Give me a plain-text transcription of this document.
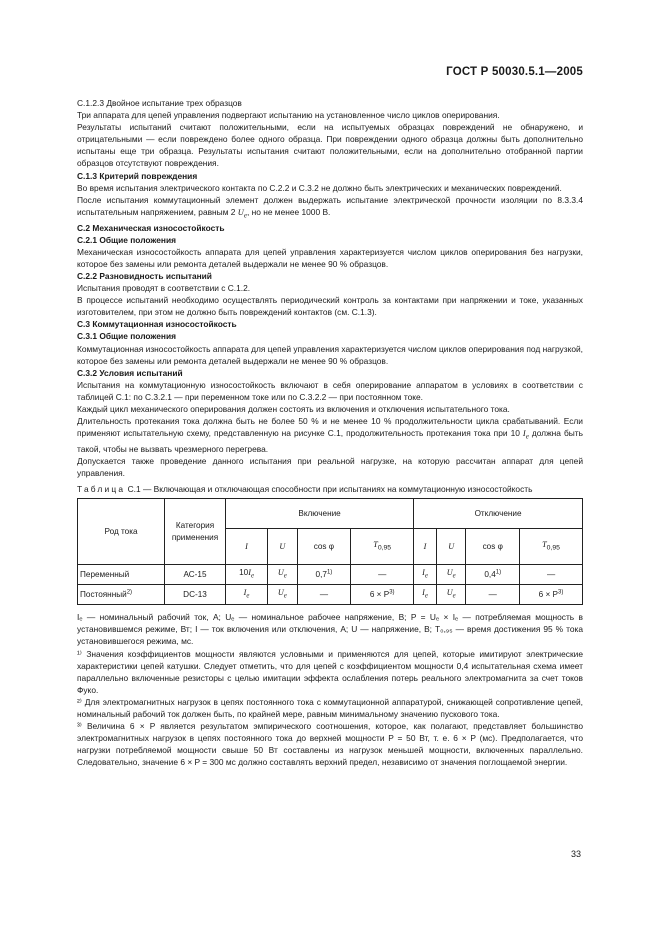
ГОСТ Р 50030.5.1—2005

С.1.2.3 Двойное испытание трех образцов

Три аппарата для цепей управления подвергают испытанию на установленное число циклов оперирования.

Результаты испытаний считают положительными, если на испытуемых образцах повреждений не обнаружено, и отрицательными — если повреждено более одного образца. При повреждении одного образца должны быть дополнительно испытаны еще три образца. Результаты испытания считают положительными, если на дополнительно отобранной партии образцов отсутствуют повреждения.

С.1.3 Критерий повреждения

Во время испытания электрического контакта по С.2.2 и С.3.2 не должно быть электрических и механических повреждений.

После испытания коммутационный элемент должен выдержать испытание электрической прочности изоляции по 8.3.3.4 испытательным напряжением, равным 2 $U_e$, но не менее 1000 В.

С.2 Механическая износостойкость

С.2.1 Общие положения

Механическая износостойкость аппарата для цепей управления характеризуется числом циклов оперирования без нагрузки, которое без замены или ремонта деталей выдержали не менее 90 % образцов.

С.2.2 Разновидность испытаний

Испытания проводят в соответствии с С.1.2.

В процессе испытаний необходимо осуществлять периодический контроль за контактами при напряжении и токе, указанных изготовителем, при этом не должно быть повреждений контактов (см. С.1.3).

С.3 Коммутационная износостойкость

С.3.1 Общие положения

Коммутационная износостойкость аппарата для цепей управления характеризуется числом циклов оперирования под нагрузкой, которое без замены или ремонта деталей выдержали не менее 90 % образцов.

С.3.2 Условия испытаний

Испытания на коммутационную износостойкость включают в себя оперирование аппаратом в условиях в соответствии с таблицей С.1: по С.3.2.1 — при переменном токе или по С.3.2.2 — при постоянном токе.

Каждый цикл механического оперирования должен состоять из включения и отключения испытательного тока.

Длительность протекания тока должна быть не более 50 % и не менее 10 % продолжительности цикла срабатываний. Если применяют испытательную схему, представленную на рисунке С.1, продолжительность протекания тока при 10 $I_e$ должна быть такой, чтобы не вызвать чрезмерного перегрева.

Допускается также проведение данного испытания при реальной нагрузке, на которую рассчитан аппарат для цепей управления.

Таблица С.1 — Включающая и отключающая способности при испытаниях на коммутационную износостойкость
Род тока	Категория применения	Включение				Отключение			
		I	U	cos φ	$T_{0,95}$	I	U	cos φ	$T_{0,95}$
Переменный	АС-15	$10I_e$	$U_e$	0,7$^{1)}$	—	$I_e$	$U_e$	0,4$^{1)}$	—
Постоянный$^{2)}$	DC-13	$I_e$	$U_e$	—	$6 \times P^{3)}$	$I_e$	$U_e$	—	$6 \times P^{3)}$

Iₑ — номинальный рабочий ток, А; Uₑ — номинальное рабочее напряжение, В; P = Uₑ × Iₑ — потребляемая мощность в установившемся режиме, Вт; I — ток включения или отключения, А; U — напряжение, В; T₀,₉₅ — время достижения 95 % тока установившегося режима, мс.

¹⁾ Значения коэффициентов мощности являются условными и применяются для цепей, которые имитируют электрические характеристики цепей катушки. Следует отметить, что для цепей с коэффициентом мощности 0,4 испытательная схема имеет параллельно включенные резисторы с целью имитации эффекта ослабления потерь реального электромагнита за счет токов Фуко.

²⁾ Для электромагнитных нагрузок в цепях постоянного тока с коммутационной аппаратурой, снижающей сопротивление цепей, номинальный рабочий ток должен быть, по крайней мере, равным минимальному значению пускового тока.

³⁾ Величина 6 × P является результатом эмпирического соотношения, которое, как полагают, представляет большинство электромагнитных нагрузок в цепях постоянного тока до верхней мощности P = 50 Вт, т. е. 6 × P (мс). Предполагается, что нагрузки потребляемой мощности свыше 50 Вт составлены из нагрузок меньшей мощности, включенных параллельно. Следовательно, значение 6 × P = 300 мс должно составлять верхний предел, независимо от значения поглощаемой энергии.

33
